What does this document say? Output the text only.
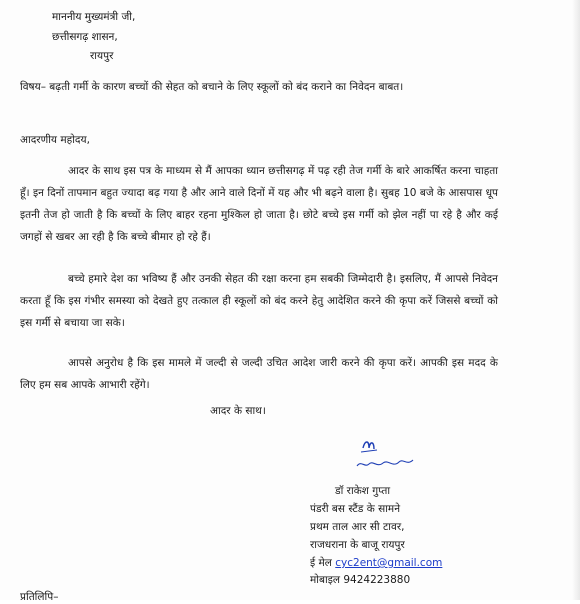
माननीय मुख्यमंत्री जी,
छत्तीसगढ़ शासन,
रायपुर

विषय– बढ़ती गर्मी के कारण बच्चों की सेहत को बचाने के लिए स्कूलों को बंद कराने का निवेदन बाबत।

आदरणीय महोदय,

आदर के साथ इस पत्र के माध्यम से मैं आपका ध्यान छत्तीसगढ़ में पढ़ रही तेज गर्मी के बारे आकर्षित करना चाहता हूँ। इन दिनों तापमान बहुत ज्यादा बढ़ गया है और आने वाले दिनों में यह और भी बढ़ने वाला है। सुबह 10 बजे के आसपास धूप इतनी तेज हो जाती है कि बच्चों के लिए बाहर रहना मुश्किल हो जाता है। छोटे बच्चे इस गर्मी को झेल नहीं पा रहे है और कई जगहों से खबर आ रही है कि बच्चे बीमार हो रहे हैं।

बच्चे हमारे देश का भविष्य हैं और उनकी सेहत की रक्षा करना हम सबकी जिम्मेदारी है। इसलिए, मैं आपसे निवेदन करता हूँ कि इस गंभीर समस्या को देखते हुए तत्काल ही स्कूलों को बंद करने हेतु आदेशित करने की कृपा करें जिससे बच्चों को इस गर्मी से बचाया जा सके।

आपसे अनुरोध है कि इस मामले में जल्दी से जल्दी उचित आदेश जारी करने की कृपा करें। आपकी इस मदद के लिए हम सब आपके आभारी रहेंगे।

आदर के साथ।
डॉ राकेश गुप्ता
पंडरी बस स्टैंड के सामने
प्रथम ताल आर सी टावर,
राजधराना के बाजू रायपुर
ई मेल cyc2ent@gmail.com
मोबाइल 9424223880
प्रतिलिपि–
